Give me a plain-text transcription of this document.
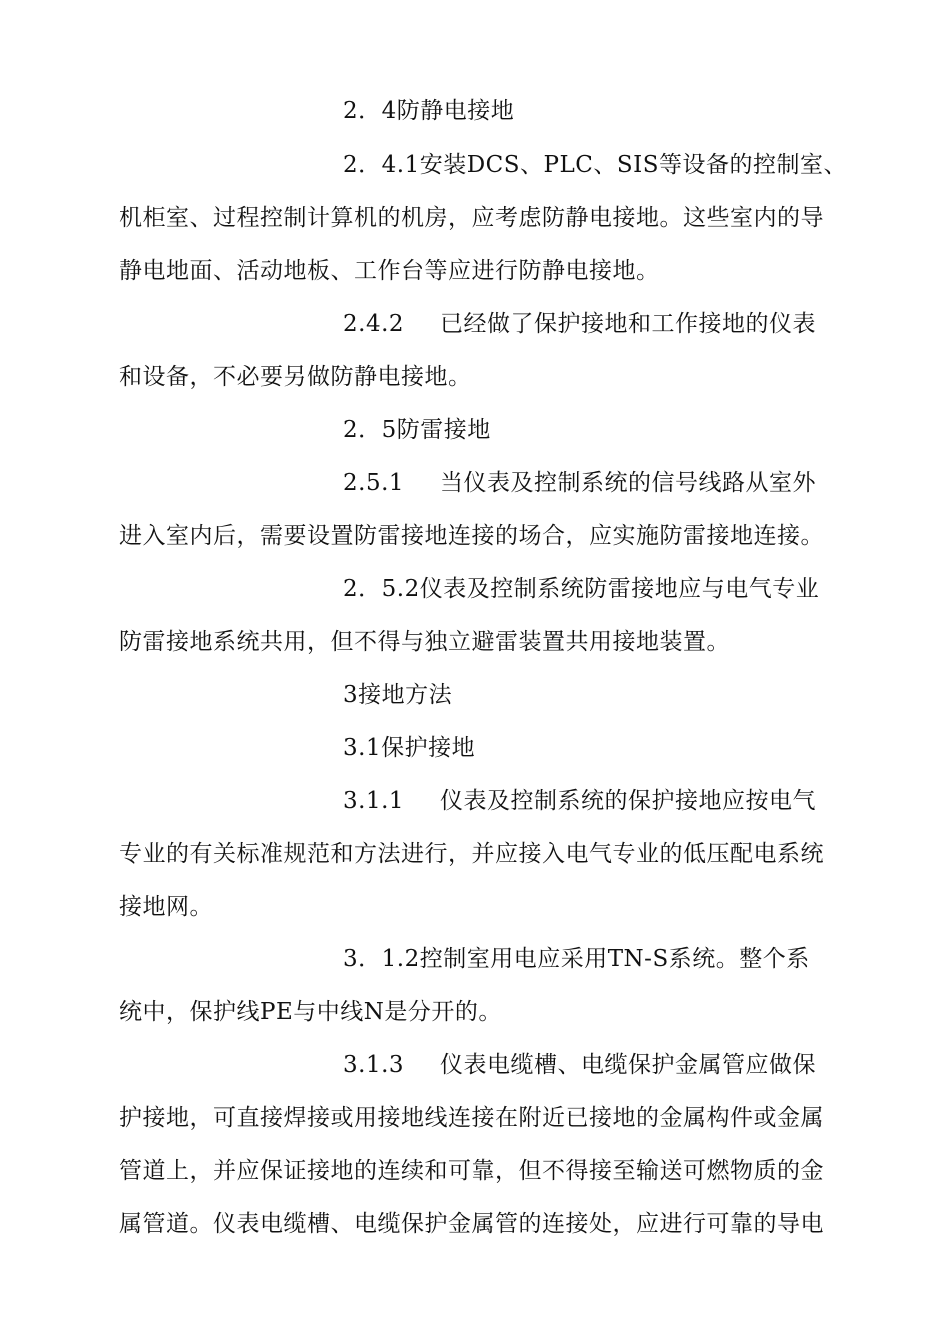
2．4防静电接地
2．4.1安装DCS、PLC、SIS等设备的控制室、
机柜室、过程控制计算机的机房，应考虑防静电接地。这些室内的导
静电地面、活动地板、工作台等应进行防静电接地。
2.4.2 已经做了保护接地和工作接地的仪表
和设备，不必要另做防静电接地。
2．5防雷接地
2.5.1 当仪表及控制系统的信号线路从室外
进入室内后，需要设置防雷接地连接的场合，应实施防雷接地连接。
2．5.2仪表及控制系统防雷接地应与电气专业
防雷接地系统共用，但不得与独立避雷装置共用接地装置。
3接地方法
3.1保护接地
3.1.1 仪表及控制系统的保护接地应按电气
专业的有关标准规范和方法进行，并应接入电气专业的低压配电系统
接地网。
3．1.2控制室用电应采用TN-S系统。整个系
统中，保护线PE与中线N是分开的。
3.1.3 仪表电缆槽、电缆保护金属管应做保
护接地，可直接焊接或用接地线连接在附近已接地的金属构件或金属
管道上，并应保证接地的连续和可靠，但不得接至输送可燃物质的金
属管道。仪表电缆槽、电缆保护金属管的连接处，应进行可靠的导电
